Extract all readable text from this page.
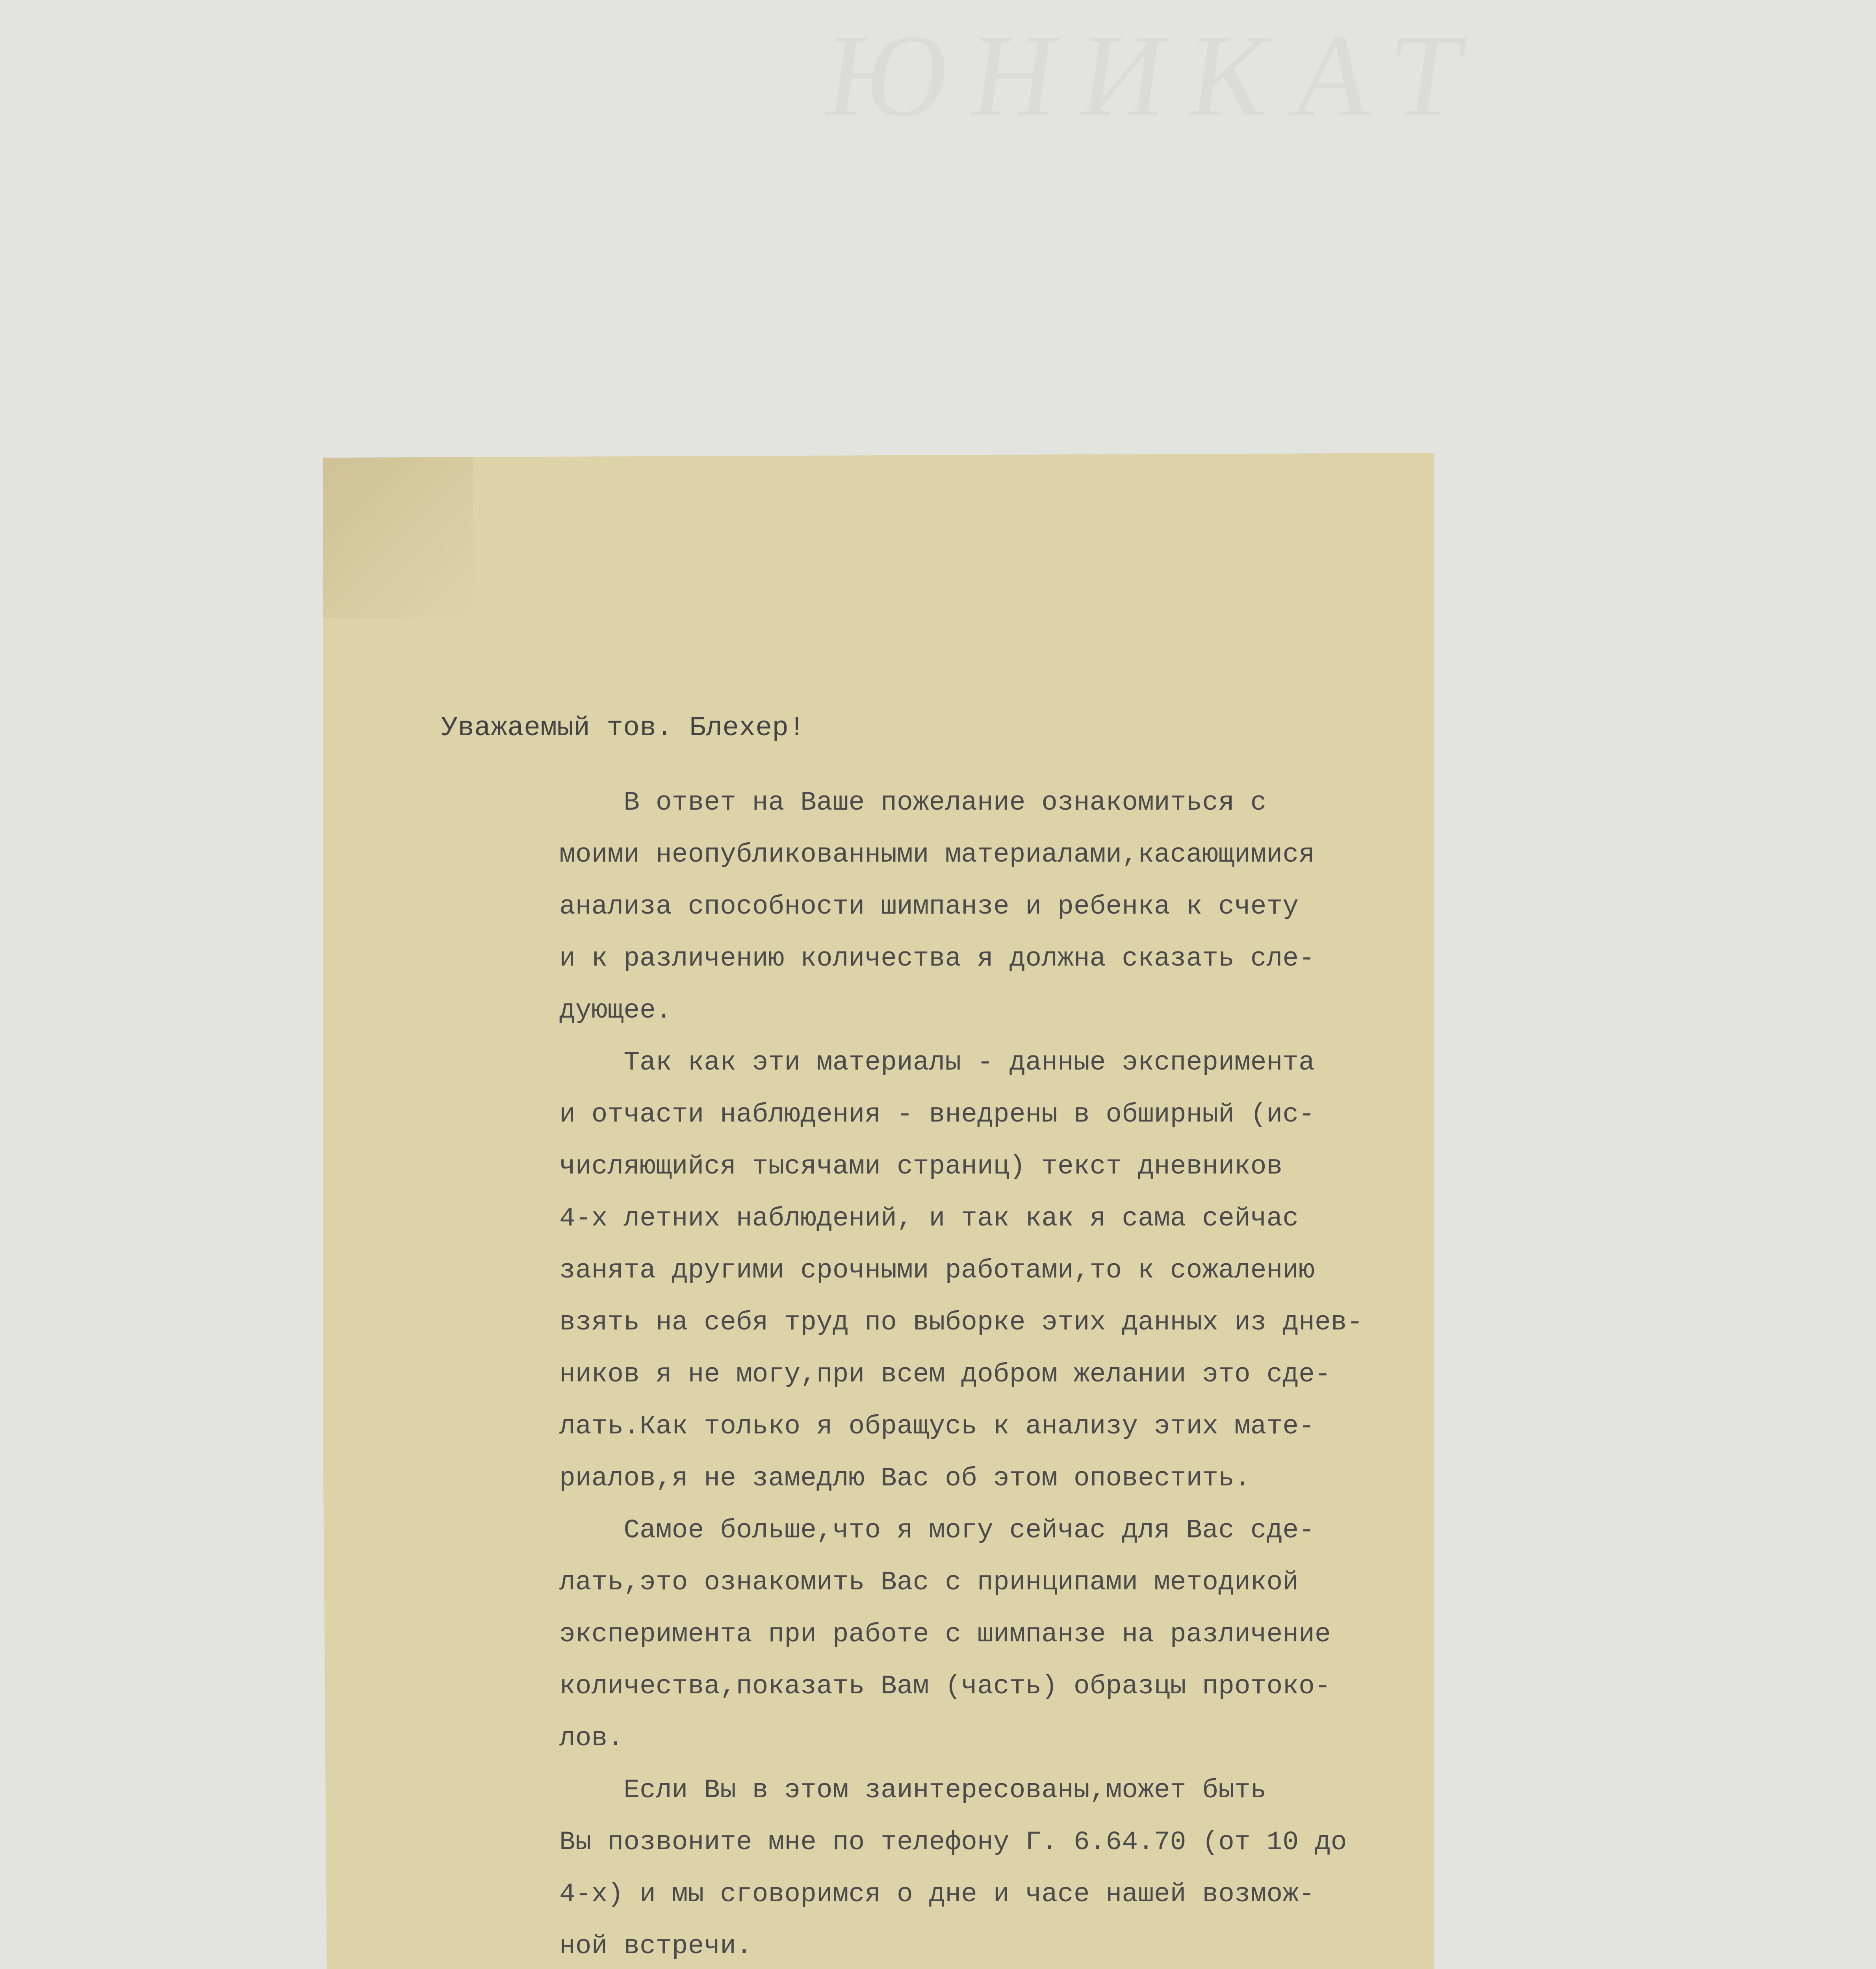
ЮНИКАТ
Уважаемый тов. Блехер!
В ответ на Ваше пожелание ознакомиться с
моими неопубликованными материалами,касающимися
анализа способности шимпанзе и ребенка к счету
и к различению количества я должна сказать сле-
дующее.
Так как эти материалы - данные эксперимента
и отчасти наблюдения - внедрены в обширный (ис-
числяющийся тысячами страниц) текст дневников
4-х летних наблюдений, и так как я сама сейчас
занята другими срочными работами,то к сожалению
взять на себя труд по выборке этих данных из днев-
ников я не могу,при всем добром желании это сде-
лать.Как только я обращусь к анализу этих мате-
риалов,я не замедлю Вас об этом оповестить.
Самое больше,что я могу сейчас для Вас сде-
лать,это ознакомить Вас с принципами методикой
эксперимента при работе с шимпанзе на различение
количества,показать Вам (часть) образцы протоко-
лов.
Если Вы в этом заинтересованы,может быть
Вы позвоните мне по телефону Г. 6.64.70 (от 10 до
4-х) и мы сговоримся о дне и часе нашей возмож-
ной встречи.
